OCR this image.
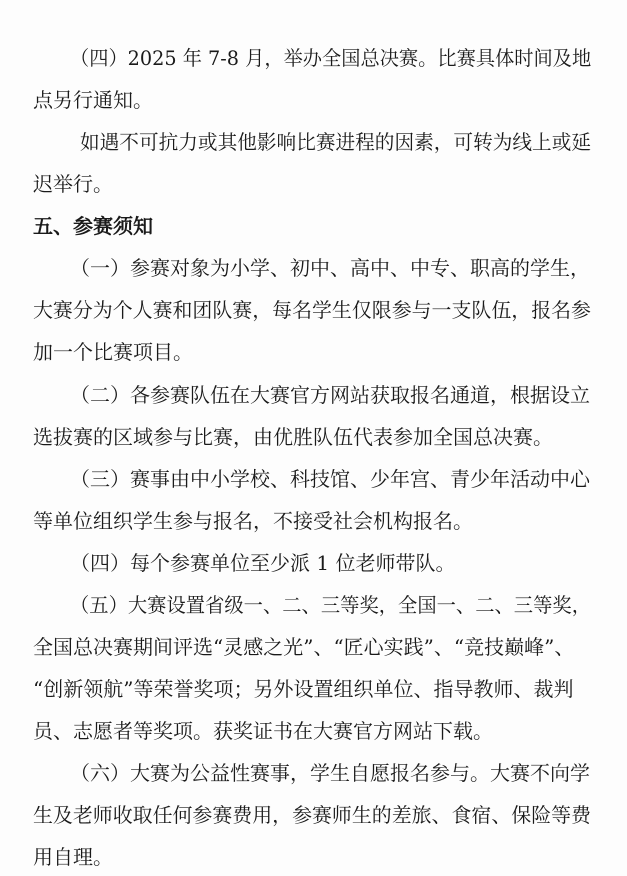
（四）2025 年 7-8 月，举办全国总决赛。比赛具体时间及地
点另行通知。
如遇不可抗力或其他影响比赛进程的因素，可转为线上或延
迟举行。
五、参赛须知
（一）参赛对象为小学、初中、高中、中专、职高的学生，
大赛分为个人赛和团队赛，每名学生仅限参与一支队伍，报名参
加一个比赛项目。
（二）各参赛队伍在大赛官方网站获取报名通道，根据设立
选拔赛的区域参与比赛，由优胜队伍代表参加全国总决赛。
（三）赛事由中小学校、科技馆、少年宫、青少年活动中心
等单位组织学生参与报名，不接受社会机构报名。
（四）每个参赛单位至少派 1 位老师带队。
（五）大赛设置省级一、二、三等奖，全国一、二、三等奖，
全国总决赛期间评选“灵感之光”、“匠心实践”、“竞技巅峰”、
“创新领航”等荣誉奖项；另外设置组织单位、指导教师、裁判
员、志愿者等奖项。获奖证书在大赛官方网站下载。
（六）大赛为公益性赛事，学生自愿报名参与。大赛不向学
生及老师收取任何参赛费用，参赛师生的差旅、食宿、保险等费
用自理。
